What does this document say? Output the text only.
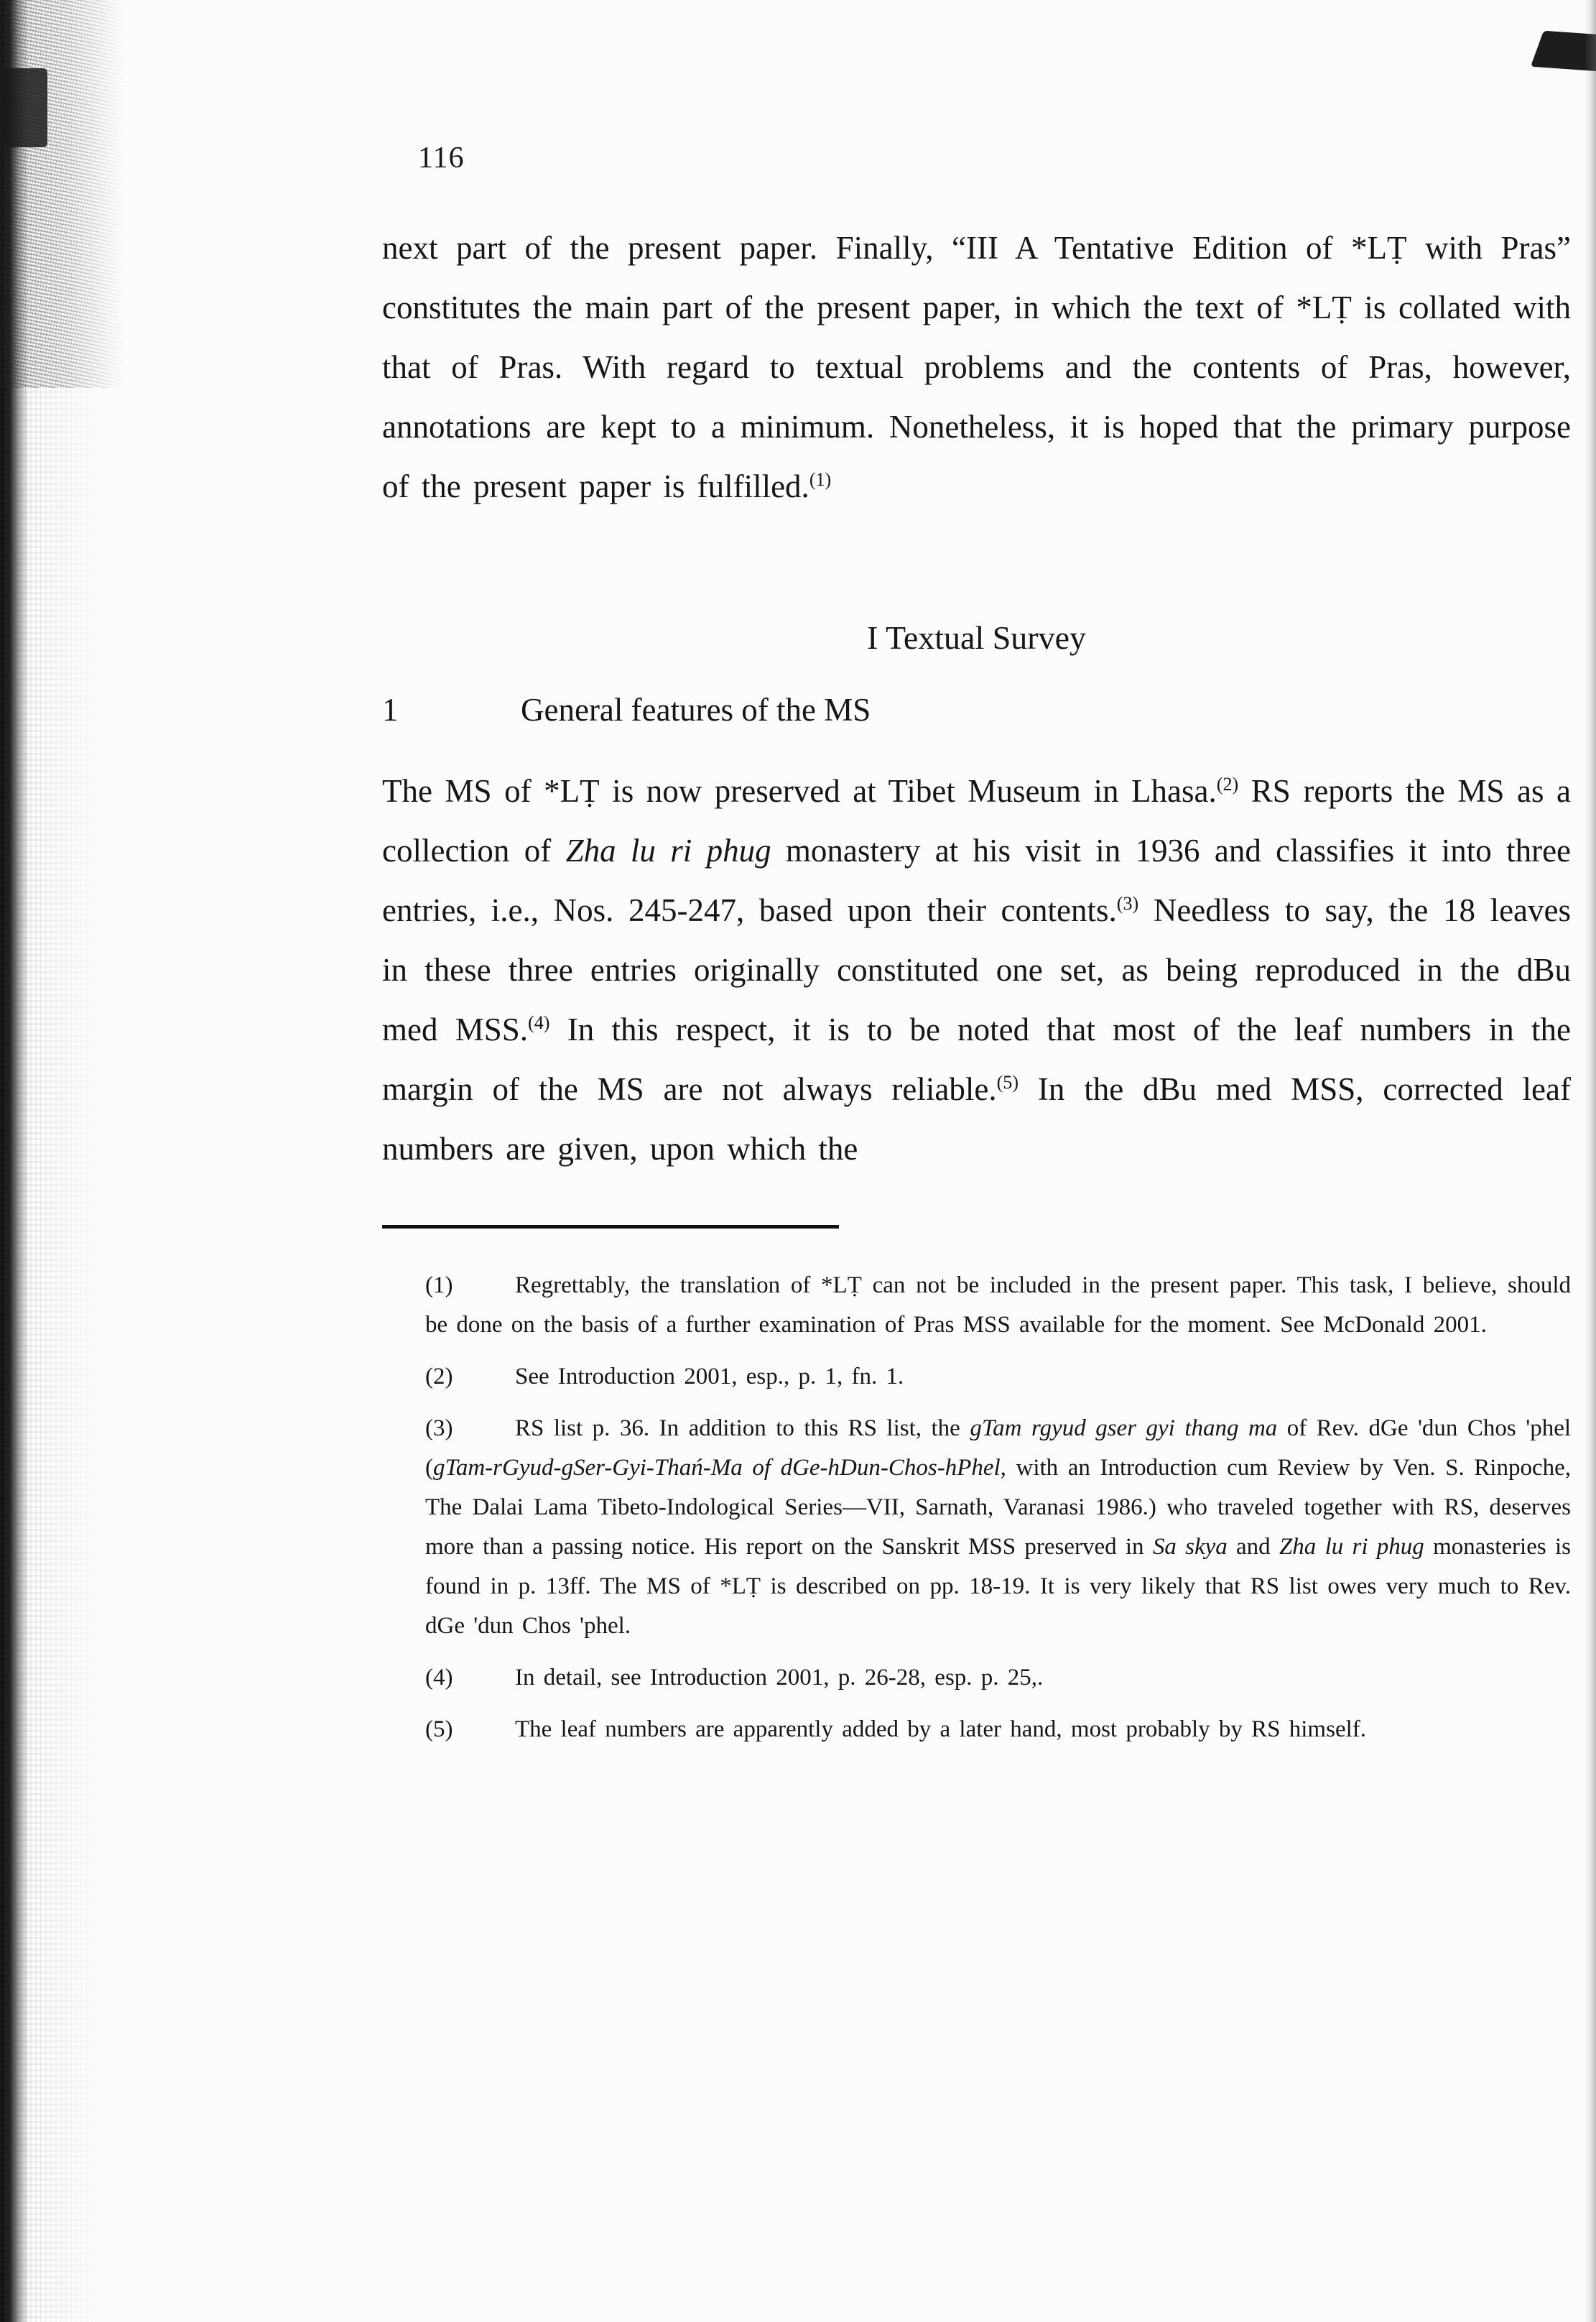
116

next part of the present paper. Finally, “III A Tentative Edition of *LṬ with Pras” constitutes the main part of the present paper, in which the text of *LṬ is collated with that of Pras. With regard to textual problems and the contents of Pras, however, annotations are kept to a minimum. Nonetheless, it is hoped that the primary purpose of the present paper is fulfilled.$^{(1)}$

I Textual Survey
1	General features of the MS

The MS of *LṬ is now preserved at Tibet Museum in Lhasa.$^{(2)}$ RS reports the MS as a collection of Zha lu ri phug monastery at his visit in 1936 and classifies it into three entries, i.e., Nos. 245-247, based upon their contents.$^{(3)}$ Needless to say, the 18 leaves in these three entries originally constituted one set, as being reproduced in the dBu med MSS.$^{(4)}$ In this respect, it is to be noted that most of the leaf numbers in the margin of the MS are not always reliable.$^{(5)}$ In the dBu med MSS, corrected leaf numbers are given, upon which the

(1)	Regrettably, the translation of *LṬ can not be included in the present paper. This task, I believe, should be done on the basis of a further examination of Pras MSS available for the moment. See McDonald 2001.
(2)	See Introduction 2001, esp., p. 1, fn. 1.
(3)	RS list p. 36. In addition to this RS list, the gTam rgyud gser gyi thang ma of Rev. dGe 'dun Chos 'phel (gTam-rGyud-gSer-Gyi-Thań-Ma of dGe-hDun-Chos-hPhel, with an Introduction cum Review by Ven. S. Rinpoche, The Dalai Lama Tibeto-Indological Series—VII, Sarnath, Varanasi 1986.) who traveled together with RS, deserves more than a passing notice. His report on the Sanskrit MSS preserved in Sa skya and Zha lu ri phug monasteries is found in p. 13ff. The MS of *LṬ is described on pp. 18-19. It is very likely that RS list owes very much to Rev. dGe 'dun Chos 'phel.
(4)	In detail, see Introduction 2001, p. 26-28, esp. p. 25,.
(5)	The leaf numbers are apparently added by a later hand, most probably by RS himself.
